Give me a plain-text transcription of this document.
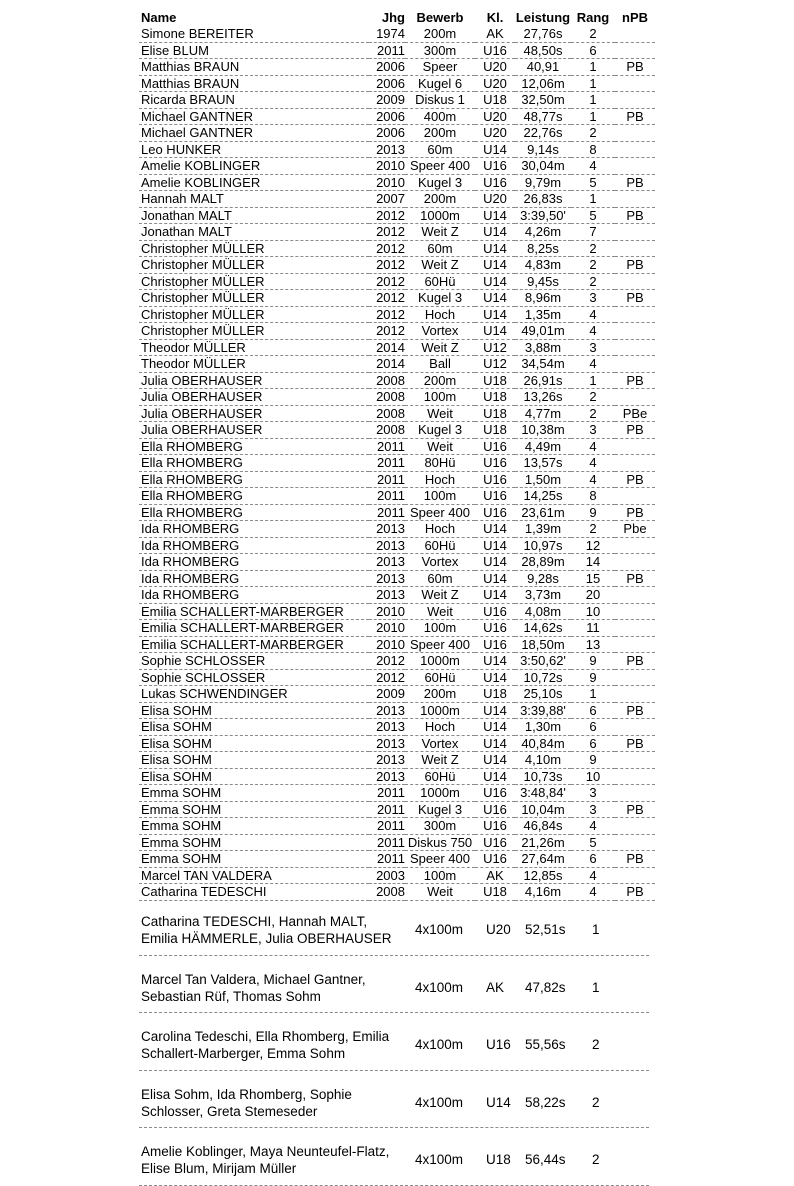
Name	Jhg	Bewerb	Kl.	Leistung	Rang	nPB
Simone BEREITER	1974	200m	AK	27,76s	2	
Elise BLUM	2011	300m	U16	48,50s	6	
Matthias BRAUN	2006	Speer	U20	40,91	1	PB
Matthias BRAUN	2006	Kugel 6	U20	12,06m	1	
Ricarda BRAUN	2009	Diskus 1	U18	32,50m	1	
Michael GANTNER	2006	400m	U20	48,77s	1	PB
Michael GANTNER	2006	200m	U20	22,76s	2	
Leo HUNKER	2013	60m	U14	9,14s	8	
Amelie KOBLINGER	2010	Speer 400	U16	30,04m	4	
Amelie KOBLINGER	2010	Kugel 3	U16	9,79m	5	PB
Hannah MALT	2007	200m	U20	26,83s	1	
Jonathan MALT	2012	1000m	U14	3:39,50'	5	PB
Jonathan MALT	2012	Weit Z	U14	4,26m	7	
Christopher MÜLLER	2012	60m	U14	8,25s	2	
Christopher MÜLLER	2012	Weit Z	U14	4,83m	2	PB
Christopher MÜLLER	2012	60Hü	U14	9,45s	2	
Christopher MÜLLER	2012	Kugel 3	U14	8,96m	3	PB
Christopher MÜLLER	2012	Hoch	U14	1,35m	4	
Christopher MÜLLER	2012	Vortex	U14	49,01m	4	
Theodor MÜLLER	2014	Weit Z	U12	3,88m	3	
Theodor MÜLLER	2014	Ball	U12	34,54m	4	
Julia OBERHAUSER	2008	200m	U18	26,91s	1	PB
Julia OBERHAUSER	2008	100m	U18	13,26s	2	
Julia OBERHAUSER	2008	Weit	U18	4,77m	2	PBe
Julia OBERHAUSER	2008	Kugel 3	U18	10,38m	3	PB
Ella RHOMBERG	2011	Weit	U16	4,49m	4	
Ella RHOMBERG	2011	80Hü	U16	13,57s	4	
Ella RHOMBERG	2011	Hoch	U16	1,50m	4	PB
Ella RHOMBERG	2011	100m	U16	14,25s	8	
Ella RHOMBERG	2011	Speer 400	U16	23,61m	9	PB
Ida RHOMBERG	2013	Hoch	U14	1,39m	2	Pbe
Ida RHOMBERG	2013	60Hü	U14	10,97s	12	
Ida RHOMBERG	2013	Vortex	U14	28,89m	14	
Ida RHOMBERG	2013	60m	U14	9,28s	15	PB
Ida RHOMBERG	2013	Weit Z	U14	3,73m	20	
Emilia SCHALLERT-MARBERGER	2010	Weit	U16	4,08m	10	
Emilia SCHALLERT-MARBERGER	2010	100m	U16	14,62s	11	
Emilia SCHALLERT-MARBERGER	2010	Speer 400	U16	18,50m	13	
Sophie SCHLOSSER	2012	1000m	U14	3:50,62'	9	PB
Sophie SCHLOSSER	2012	60Hü	U14	10,72s	9	
Lukas SCHWENDINGER	2009	200m	U18	25,10s	1	
Elisa SOHM	2013	1000m	U14	3:39,88'	6	PB
Elisa SOHM	2013	Hoch	U14	1,30m	6	
Elisa SOHM	2013	Vortex	U14	40,84m	6	PB
Elisa SOHM	2013	Weit Z	U14	4,10m	9	
Elisa SOHM	2013	60Hü	U14	10,73s	10	
Emma SOHM	2011	1000m	U16	3:48,84'	3	
Emma SOHM	2011	Kugel 3	U16	10,04m	3	PB
Emma SOHM	2011	300m	U16	46,84s	4	
Emma SOHM	2011	Diskus 750	U16	21,26m	5	
Emma SOHM	2011	Speer 400	U16	27,64m	6	PB
Marcel TAN VALDERA	2003	100m	AK	12,85s	4	
Catharina TEDESCHI	2008	Weit	U18	4,16m	4	PB
Catharina TEDESCHI, Hannah MALT,
Emilia HÄMMERLE, Julia OBERHAUSER
4x100m U20 52,51s 1
Marcel Tan Valdera, Michael Gantner,
Sebastian Rüf, Thomas Sohm
4x100m AK 47,82s 1
Carolina Tedeschi, Ella Rhomberg, Emilia
Schallert-Marberger, Emma Sohm
4x100m U16 55,56s 2
Elisa Sohm, Ida Rhomberg, Sophie
Schlosser, Greta Stemeseder
4x100m U14 58,22s 2
Amelie Koblinger, Maya Neunteufel-Flatz,
Elise Blum, Mirijam Müller
4x100m U18 56,44s 2
